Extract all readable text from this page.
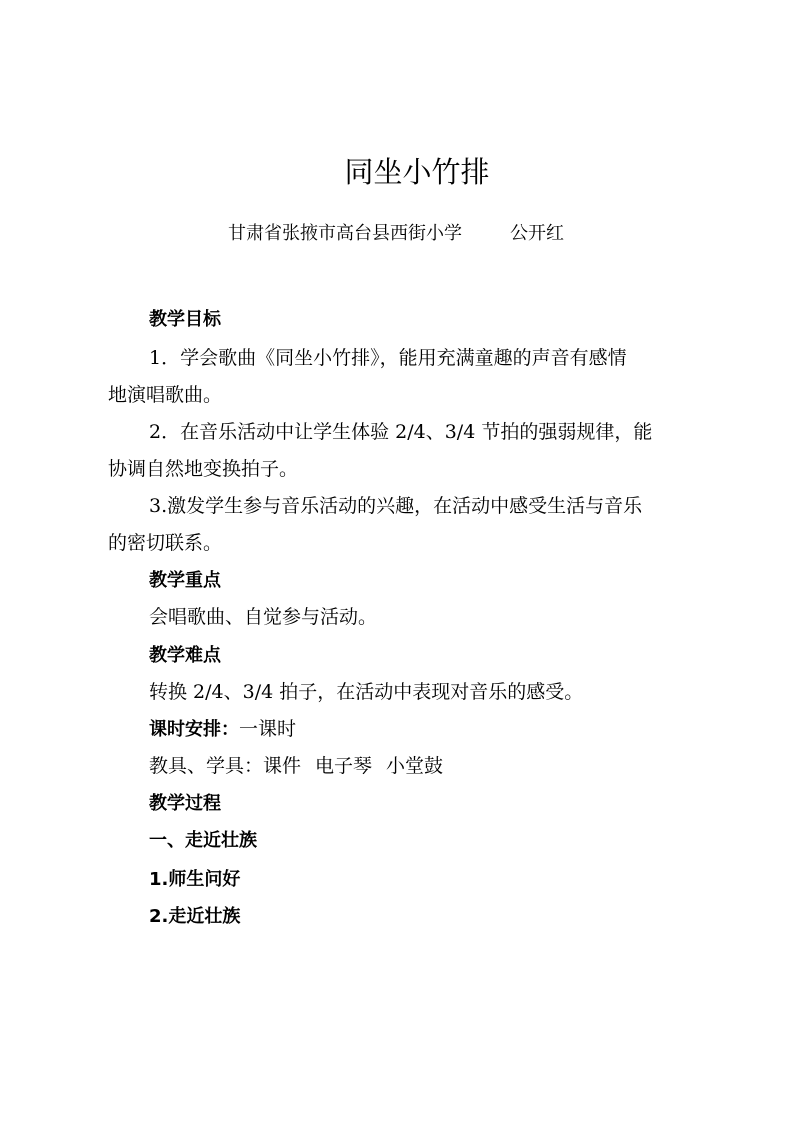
同坐小竹排
甘肃省张掖市高台县西街小学	公开红
教学目标
1．学会歌曲《同坐小竹排》，能用充满童趣的声音有感情
地演唱歌曲。
2．在音乐活动中让学生体验 2/4、3/4 节拍的强弱规律，能
协调自然地变换拍子。
3.激发学生参与音乐活动的兴趣，在活动中感受生活与音乐
的密切联系。
教学重点
会唱歌曲、自觉参与活动。
教学难点
转换 2/4、3/4 拍子，在活动中表现对音乐的感受。
课时安排：一课时
教具、学具：课件 电子琴 小堂鼓
教学过程
一、走近壮族
1.师生问好
2.走近壮族
